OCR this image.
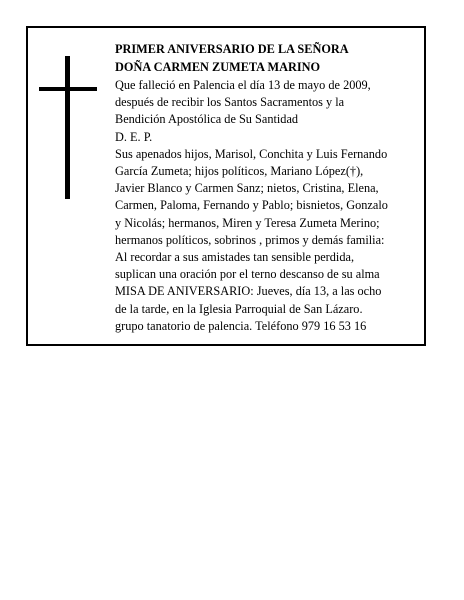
PRIMER ANIVERSARIO DE LA SEÑORA
DOÑA CARMEN ZUMETA MARINO
Que falleció en Palencia el día 13 de mayo de 2009,
después de recibir los Santos Sacramentos y la
Bendición Apostólica de Su Santidad
D. E. P.
Sus apenados hijos, Marisol, Conchita y Luis Fernando
García Zumeta; hijos políticos, Mariano López(†),
Javier Blanco y Carmen Sanz; nietos, Cristina, Elena,
Carmen, Paloma, Fernando y Pablo; bisnietos, Gonzalo
y Nicolás; hermanos, Miren y Teresa Zumeta Merino;
hermanos políticos, sobrinos , primos y demás familia:
Al recordar a sus amistades tan sensible perdida,
suplican una oración por el terno descanso de su alma
MISA DE ANIVERSARIO: Jueves, día 13, a las ocho
de la tarde, en la Iglesia Parroquial de San Lázaro.
grupo tanatorio de palencia. Teléfono 979 16 53 16
